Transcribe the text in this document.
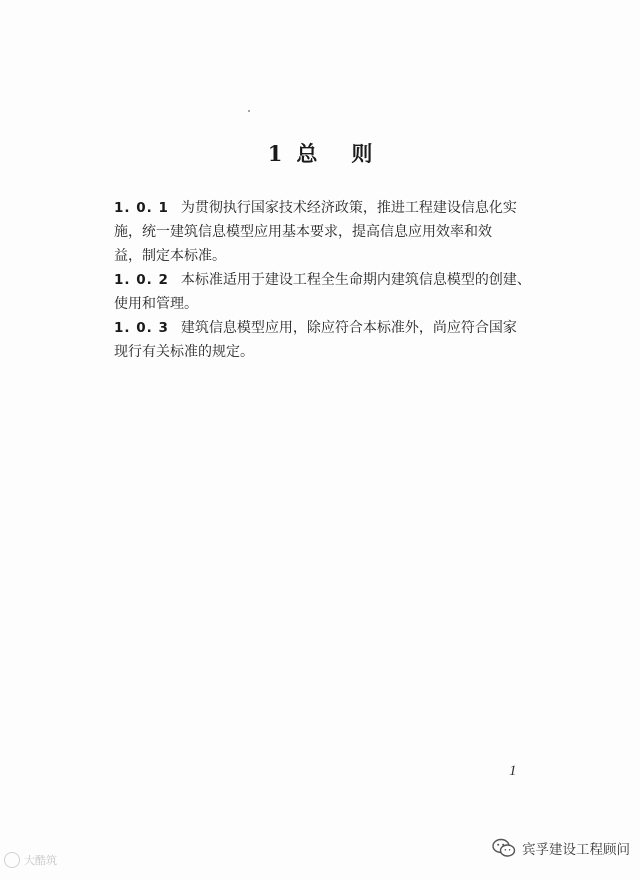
1 总 则
1. 0. 1 为贯彻执行国家技术经济政策，推进工程建设信息化实
施，统一建筑信息模型应用基本要求，提高信息应用效率和效
益，制定本标准。
1. 0. 2 本标准适用于建设工程全生命期内建筑信息模型的创建、
使用和管理。
1. 0. 3 建筑信息模型应用，除应符合本标准外，尚应符合国家
现行有关标准的规定。
1
大酷筑
宾孚建设工程顾问
